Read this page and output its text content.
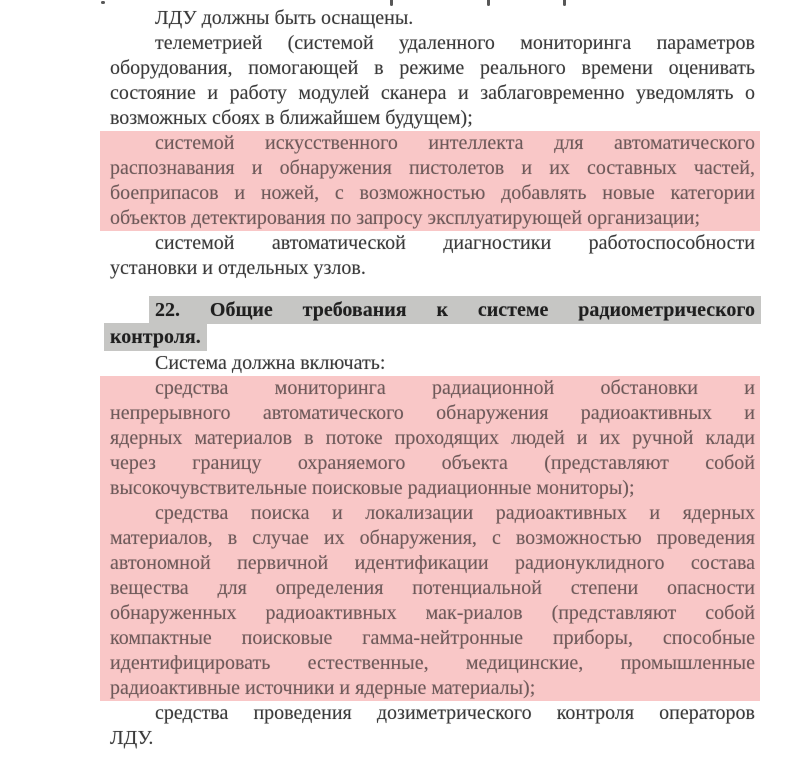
ЛДУ должны быть оснащены.
телеметрией (системой удаленного мониторинга параметров
оборудования, помогающей в режиме реального времени оценивать
состояние и работу модулей сканера и заблаговременно уведомлять о
возможных сбоях в ближайшем будущем);
системой искусственного интеллекта для автоматического
распознавания и обнаружения пистолетов и их составных частей,
боеприпасов и ножей, с возможностью добавлять новые категории
объектов детектирования по запросу эксплуатирующей организации;
системой автоматической диагностики работоспособности
установки и отдельных узлов.
22. Общие требования к системе радиометрического
контроля.
Система должна включать:
средства мониторинга радиационной обстановки и
непрерывного автоматического обнаружения радиоактивных и
ядерных материалов в потоке проходящих людей и их ручной клади
через границу охраняемого объекта (представляют собой
высокочувствительные поисковые радиационные мониторы);
средства поиска и локализации радиоактивных и ядерных
материалов, в случае их обнаружения, с возможностью проведения
автономной первичной идентификации радионуклидного состава
вещества для определения потенциальной степени опасности
обнаруженных радиоактивных мак-риалов (представляют собой
компактные поисковые гамма-нейтронные приборы, способные
идентифицировать естественные, медицинские, промышленные
радиоактивные источники и ядерные материалы);
средства проведения дозиметрического контроля операторов
ЛДУ.
